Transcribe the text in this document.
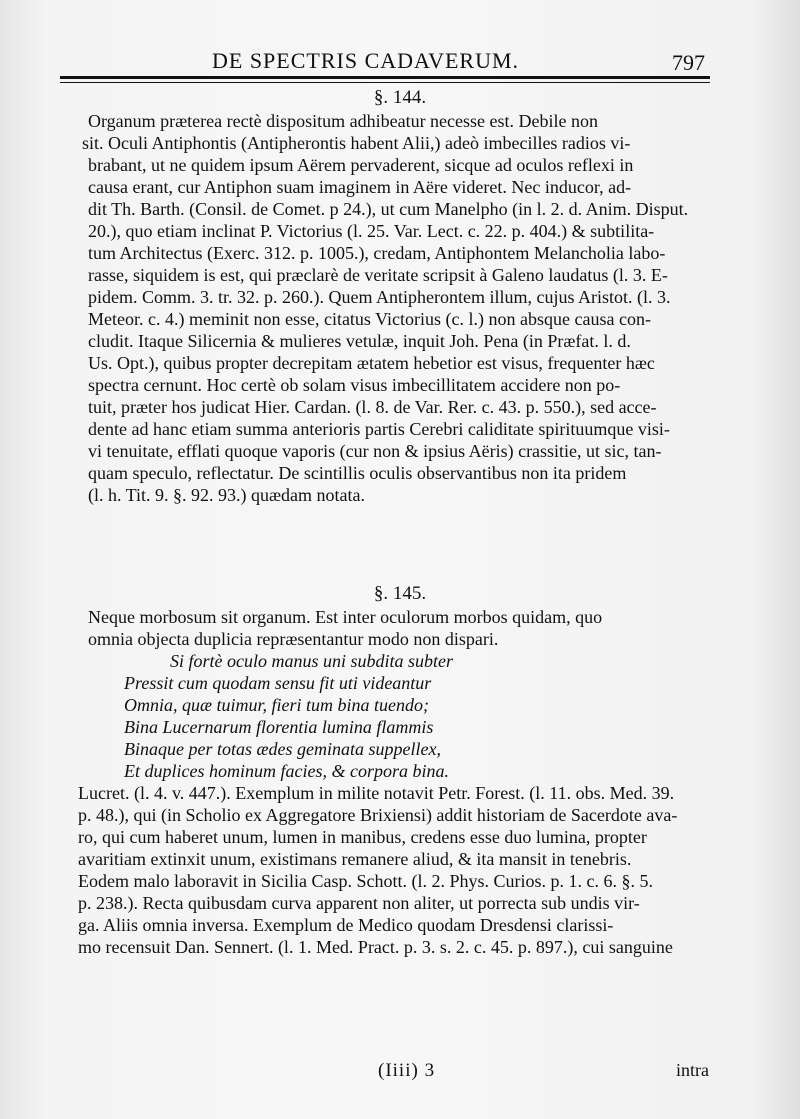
DE SPECTRIS CADAVERUM.	797
§. 144.
Organum præterea rectè dispositum adhibeatur necesse est. Debile non
sit. Oculi Antiphontis (Antipherontis habent Alii,) adeò imbecilles radios vi-
brabant, ut ne quidem ipsum Aërem pervaderent, sicque ad oculos reflexi in
causa erant, cur Antiphon suam imaginem in Aëre videret. Nec inducor, ad-
dit Th. Barth. (Consil. de Comet. p 24.), ut cum Manelpho (in l. 2. d. Anim. Disput.
20.), quo etiam inclinat P. Victorius (l. 25. Var. Lect. c. 22. p. 404.) & subtilita-
tum Architectus (Exerc. 312. p. 1005.), credam, Antiphontem Melancholia labo-
rasse, siquidem is est, qui præclarè de veritate scripsit à Galeno laudatus (l. 3. E-
pidem. Comm. 3. tr. 32. p. 260.). Quem Antipherontem illum, cujus Aristot. (l. 3.
Meteor. c. 4.) meminit non esse, citatus Victorius (c. l.) non absque causa con-
cludit. Itaque Silicernia & mulieres vetulæ, inquit Joh. Pena (in Præfat. l. d.
Us. Opt.), quibus propter decrepitam ætatem hebetior est visus, frequenter hæc
spectra cernunt. Hoc certè ob solam visus imbecillitatem accidere non po-
tuit, præter hos judicat Hier. Cardan. (l. 8. de Var. Rer. c. 43. p. 550.), sed acce-
dente ad hanc etiam summa anterioris partis Cerebri caliditate spirituumque visi-
vi tenuitate, efflati quoque vaporis (cur non & ipsius Aëris) crassitie, ut sic, tan-
quam speculo, reflectatur. De scintillis oculis observantibus non ita pridem
(l. h. Tit. 9. §. 92. 93.) quædam notata.
§. 145.
Neque morbosum sit organum. Est inter oculorum morbos quidam, quo
omnia objecta duplicia repræsentantur modo non dispari.
Si fortè oculo manus uni subdita subter
Pressit cum quodam sensu fit uti videantur
Omnia, quæ tuimur, fieri tum bina tuendo;
Bina Lucernarum florentia lumina flammis
Binaque per totas ædes geminata suppellex,
Et duplices hominum facies, & corpora bina.
Lucret. (l. 4. v. 447.). Exemplum in milite notavit Petr. Forest. (l. 11. obs. Med. 39.
p. 48.), qui (in Scholio ex Aggregatore Brixiensi) addit historiam de Sacerdote ava-
ro, qui cum haberet unum, lumen in manibus, credens esse duo lumina, propter
avaritiam extinxit unum, existimans remanere aliud, & ita mansit in tenebris.
Eodem malo laboravit in Sicilia Casp. Schott. (l. 2. Phys. Curios. p. 1. c. 6. §. 5.
p. 238.). Recta quibusdam curva apparent non aliter, ut porrecta sub undis vir-
ga. Aliis omnia inversa. Exemplum de Medico quodam Dresdensi clarissi-
mo recensuit Dan. Sennert. (l. 1. Med. Pract. p. 3. s. 2. c. 45. p. 897.), cui sanguine
(Iiii) 3	intra
